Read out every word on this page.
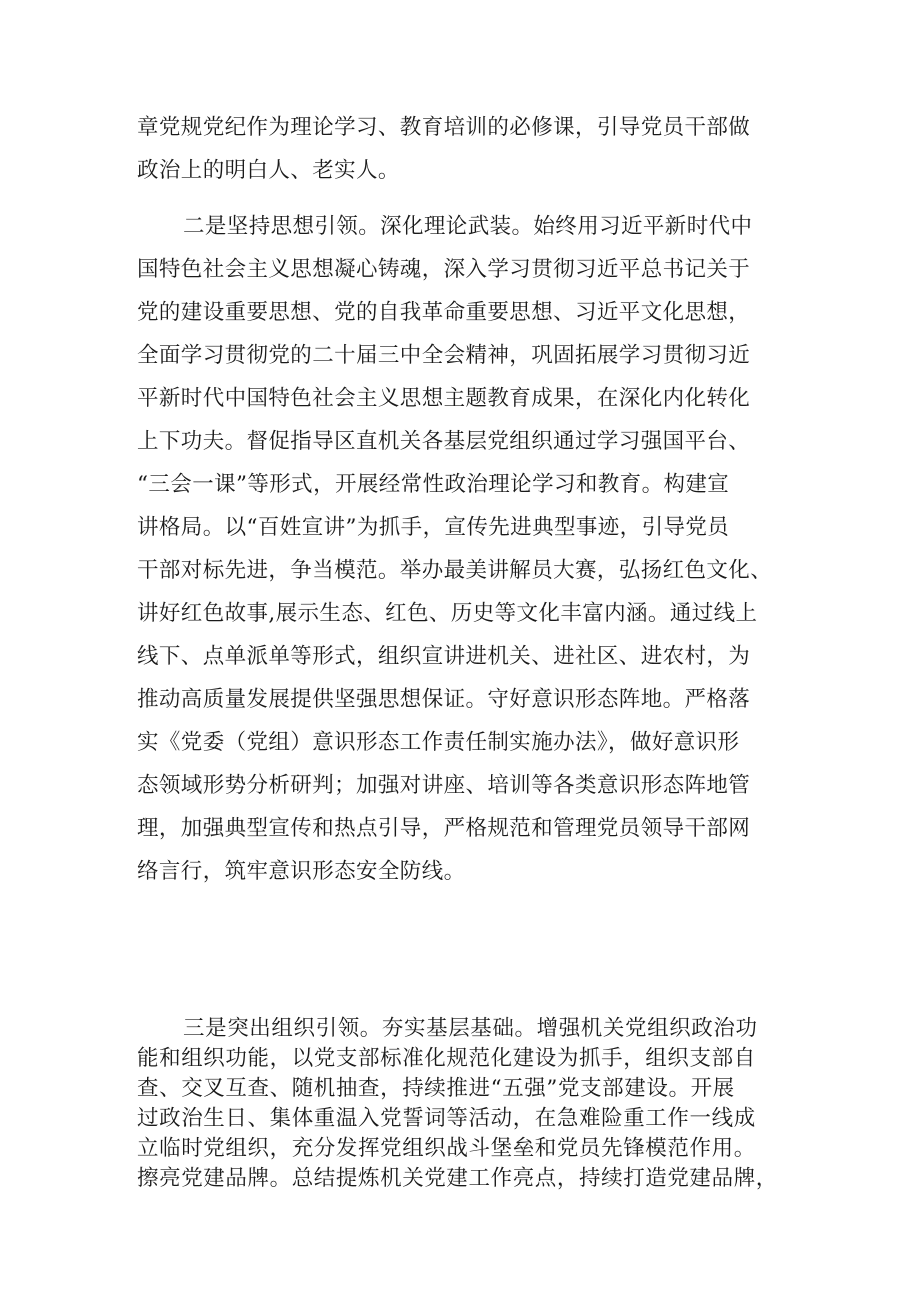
章党规党纪作为理论学习、教育培训的必修课，引导党员干部做
政治上的明白人、老实人。
二是坚持思想引领。深化理论武装。始终用习近平新时代中
国特色社会主义思想凝心铸魂，深入学习贯彻习近平总书记关于
党的建设重要思想、党的自我革命重要思想、习近平文化思想，
全面学习贯彻党的二十届三中全会精神，巩固拓展学习贯彻习近
平新时代中国特色社会主义思想主题教育成果，在深化内化转化
上下功夫。督促指导区直机关各基层党组织通过学习强国平台、
“三会一课”等形式，开展经常性政治理论学习和教育。构建宣
讲格局。以“百姓宣讲”为抓手，宣传先进典型事迹，引导党员
干部对标先进，争当模范。举办最美讲解员大赛，弘扬红色文化、
讲好红色故事,展示生态、红色、历史等文化丰富内涵。通过线上
线下、点单派单等形式，组织宣讲进机关、进社区、进农村，为
推动高质量发展提供坚强思想保证。守好意识形态阵地。严格落
实《党委（党组）意识形态工作责任制实施办法》，做好意识形
态领域形势分析研判；加强对讲座、培训等各类意识形态阵地管
理，加强典型宣传和热点引导，严格规范和管理党员领导干部网
络言行，筑牢意识形态安全防线。
三是突出组织引领。夯实基层基础。增强机关党组织政治功
能和组织功能，以党支部标准化规范化建设为抓手，组织支部自
查、交叉互查、随机抽查，持续推进“五强”党支部建设。开展
过政治生日、集体重温入党誓词等活动，在急难险重工作一线成
立临时党组织，充分发挥党组织战斗堡垒和党员先锋模范作用。
擦亮党建品牌。总结提炼机关党建工作亮点，持续打造党建品牌，
